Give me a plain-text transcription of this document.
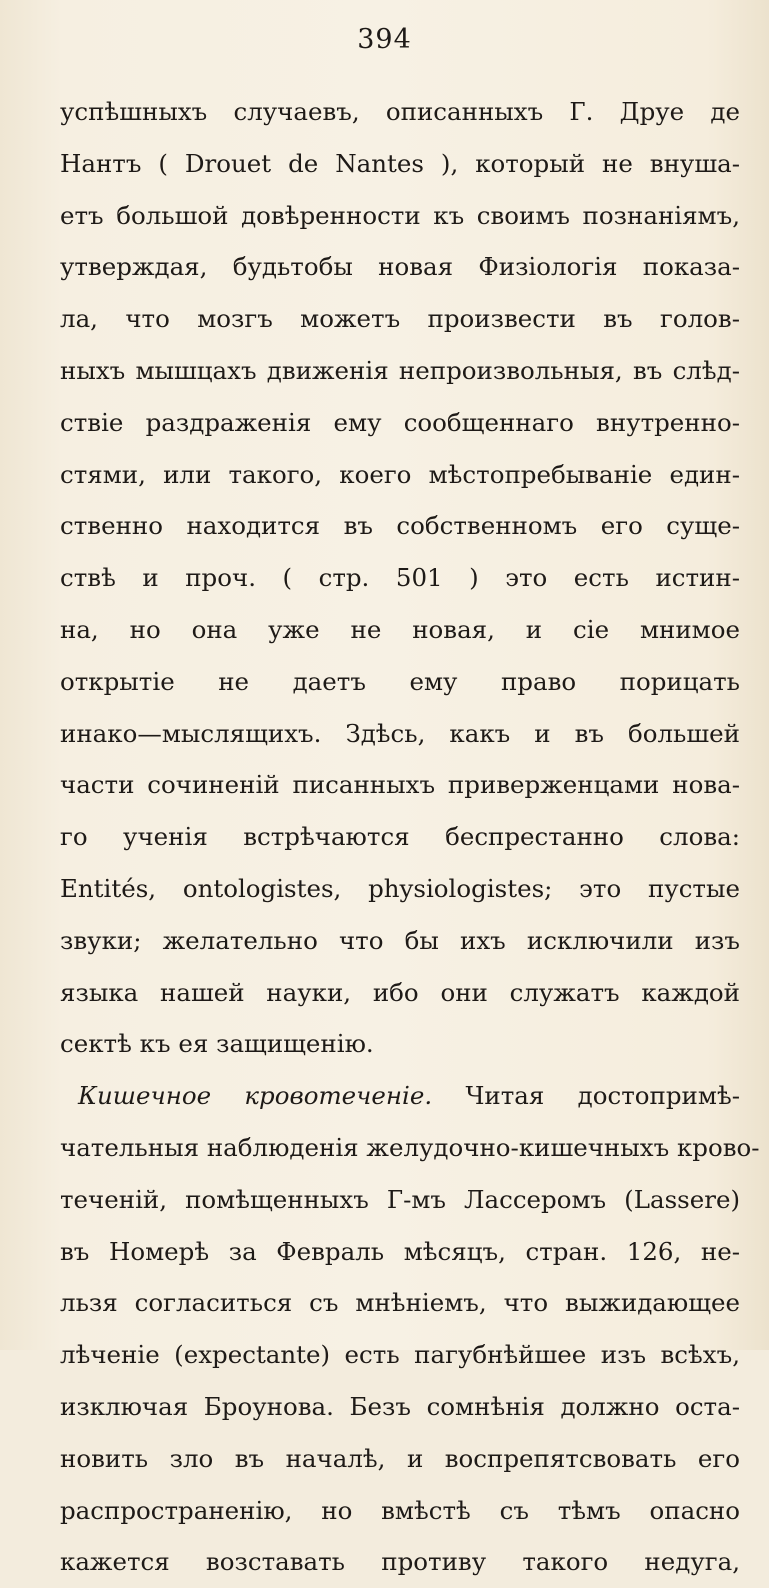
394
успѣшныхъ случаевъ, описанныхъ Г. Друе де
Нантъ ( Drouet de Nantes ), который не внуша-
етъ большой довѣренности къ своимъ познанiямъ,
утверждая, будьтобы новая Физiологiя показа-
ла, что мозгъ можетъ произвести въ голов-
ныхъ мышцахъ движенiя непроизвольныя, въ слѣд-
ствiе раздраженiя ему сообщеннаго внутренно-
стями, или такого, коего мѣстопребыванiе един-
ственно находится въ собственномъ его суще-
ствѣ и проч. ( стр. 501 ) это есть истин-
на, но она уже не новая, и сiе мнимое
открытiе не даетъ ему право порицать
инако—мыслящихъ. Здѣсь, какъ и въ большей
части сочиненiй писанныхъ приверженцами нова-
го ученiя встрѣчаются беспрестанно слова:
Entités, ontologistes, physiologistes; это пустые
звуки; желательно что бы ихъ исключили изъ
языка нашей науки, ибо они служатъ каждой
сектѣ къ ея защищенiю.
Кишечное кровотеченiе. Читая достопримѣ-
чательныя наблюденiя желудочно-кишечныхъ крово-
теченiй, помѣщенныхъ Г-мъ Лассеромъ (Lassere)
въ Номерѣ за Февраль мѣсяцъ, стран. 126, не-
льзя согласиться съ мнѣнiемъ, что выжидающее
лѣченiе (expectante) есть пагубнѣйшее изъ всѣхъ,
изключая Броунова. Безъ сомнѣнiя должно оста-
новить зло въ началѣ, и воспрепятсвовать его
распространенiю, но вмѣстѣ съ тѣмъ опасно
кажется возставать противу такого недуга,
